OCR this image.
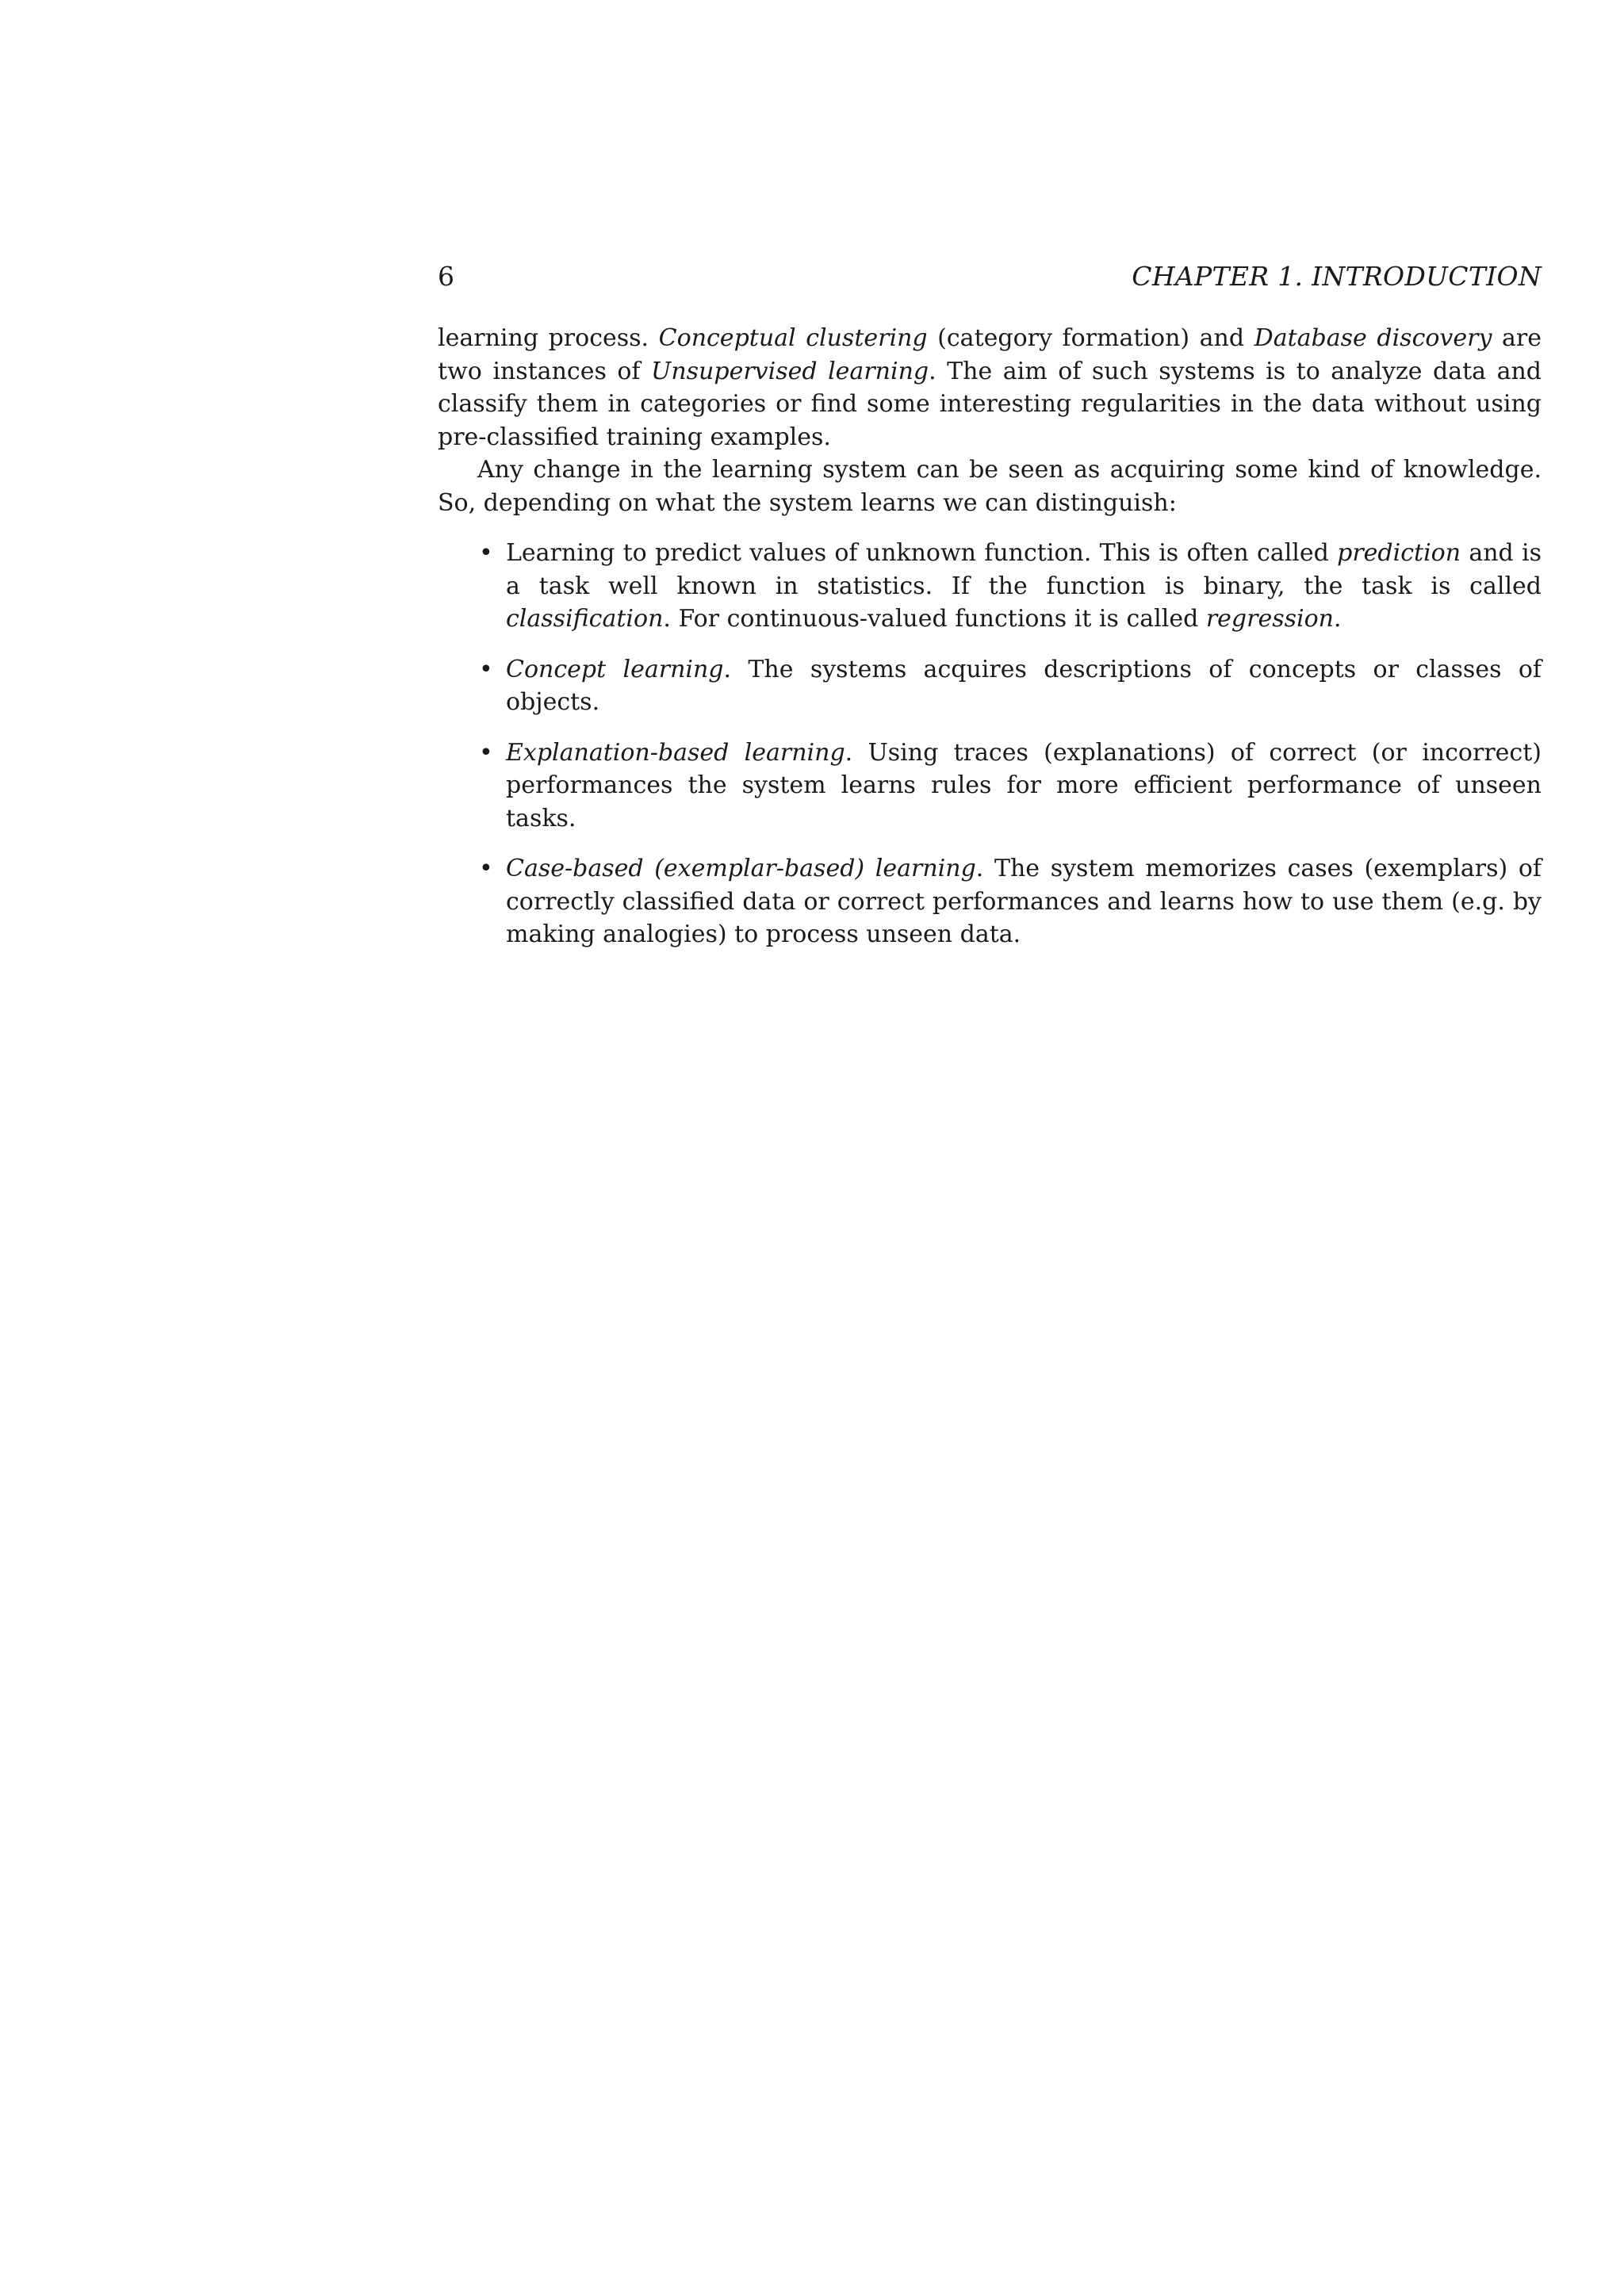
6	CHAPTER 1. INTRODUCTION

learning process. Conceptual clustering (category formation) and Database discovery are two instances of Unsupervised learning. The aim of such systems is to analyze data and classify them in categories or find some interesting regularities in the data without using pre-classified training examples.

Any change in the learning system can be seen as acquiring some kind of knowledge. So, depending on what the system learns we can distinguish:

• Learning to predict values of unknown function. This is often called prediction and is a task well known in statistics. If the function is binary, the task is called classification. For continuous-valued functions it is called regression.
• Concept learning. The systems acquires descriptions of concepts or classes of objects.
• Explanation-based learning. Using traces (explanations) of correct (or incorrect) performances the system learns rules for more efficient performance of unseen tasks.
• Case-based (exemplar-based) learning. The system memorizes cases (exemplars) of correctly classified data or correct performances and learns how to use them (e.g. by making analogies) to process unseen data.
